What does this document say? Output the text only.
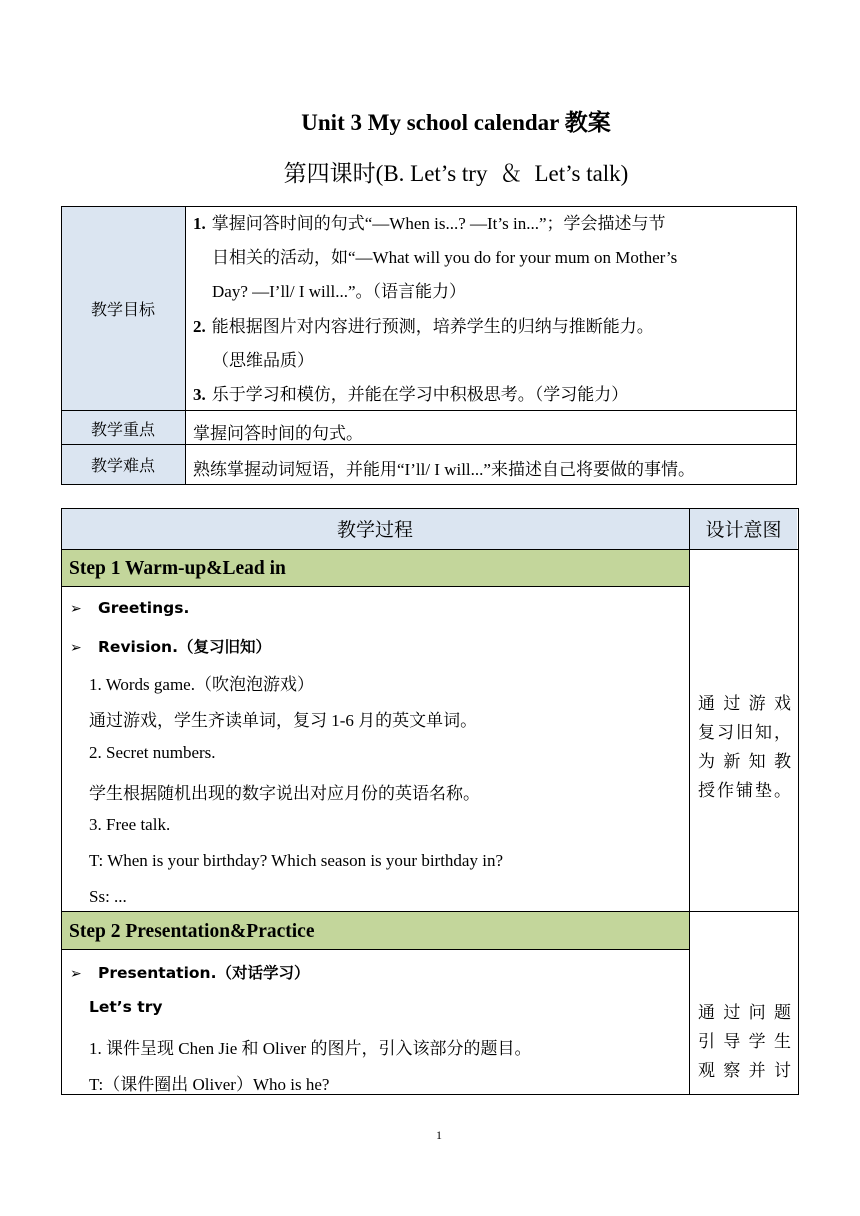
Unit 3 My school calendar 教案
第四课时(B. Let’s try ＆ Let’s talk)
教学目标
教学重点
教学难点
1. 掌握问答时间的句式“—When is...? —It’s in...”；学会描述与节
日相关的活动，如“—What will you do for your mum on Mother’s
Day? —I’ll/ I will...”。（语言能力）
2. 能根据图片对内容进行预测，培养学生的归纳与推断能力。
（思维品质）
3. 乐于学习和模仿，并能在学习中积极思考。（学习能力）
掌握问答时间的句式。
熟练掌握动词短语，并能用“I’ll/ I will...”来描述自己将要做的事情。
教学过程	设计意图
Step 1 Warm-up&Lead in
➢ Greetings.
➢ Revision.（复习旧知）
1. Words game.（吹泡泡游戏）
通过游戏，学生齐读单词，复习 1-6 月的英文单词。
2. Secret numbers.
学生根据随机出现的数字说出对应月份的英语名称。
3. Free talk.
T: When is your birthday? Which season is your birthday in?
Ss: ...
通过游戏
复习旧知，
为新知教
授作铺垫。
Step 2 Presentation&Practice
➢ Presentation.（对话学习）
Let’s try
1. 课件呈现 Chen Jie 和 Oliver 的图片，引入该部分的题目。
T:（课件圈出 Oliver）Who is he?
通过问题
引导学生
观察并讨
1
